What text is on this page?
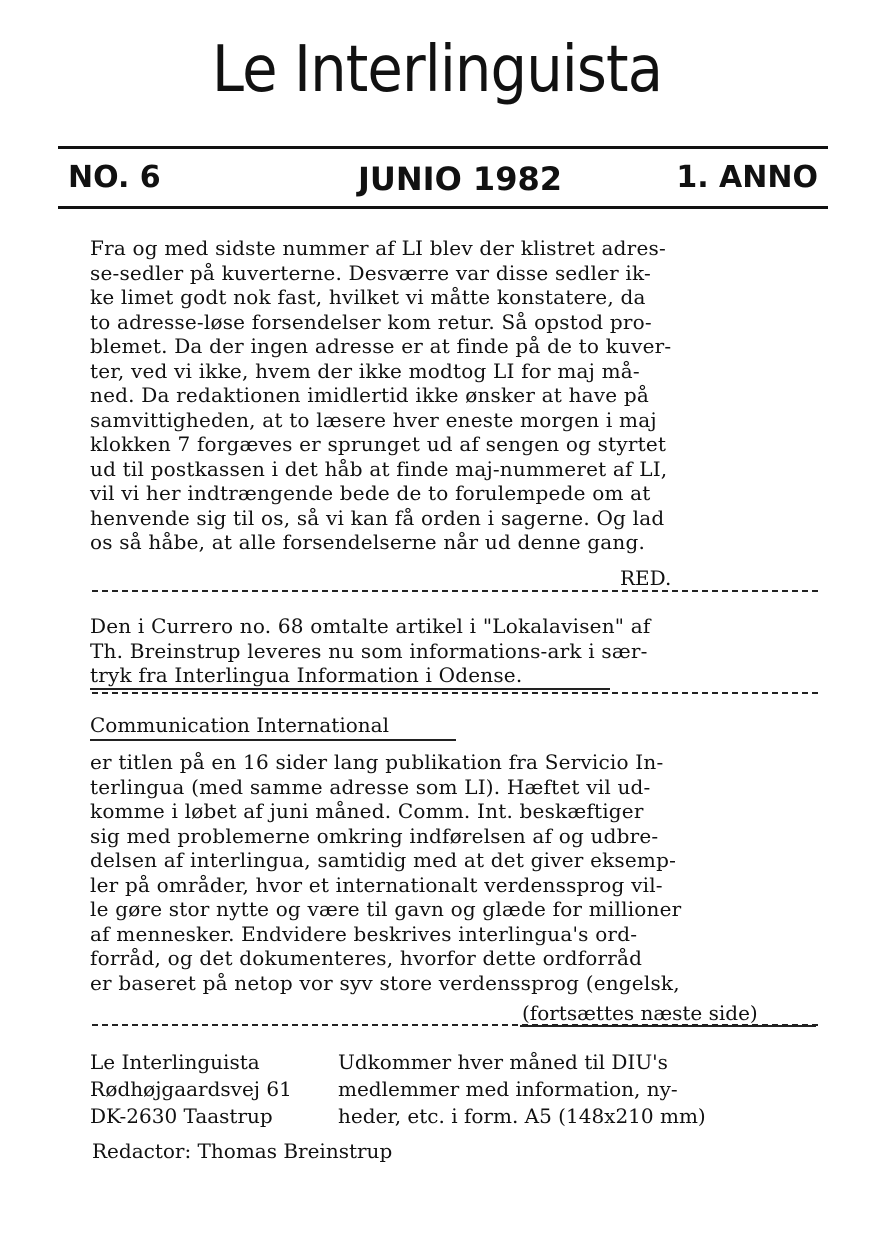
Le Interlinguista
NO. 6	JUNIO 1982	1. ANNO
Fra og med sidste nummer af LI blev der klistret adres-
se-sedler på kuverterne. Desværre var disse sedler ik-
ke limet godt nok fast, hvilket vi måtte konstatere, da
to adresse-løse forsendelser kom retur. Så opstod pro-
blemet. Da der ingen adresse er at finde på de to kuver-
ter, ved vi ikke, hvem der ikke modtog LI for maj må-
ned. Da redaktionen imidlertid ikke ønsker at have på
samvittigheden, at to læsere hver eneste morgen i maj
klokken 7 forgæves er sprunget ud af sengen og styrtet
ud til postkassen i det håb at finde maj-nummeret af LI,
vil vi her indtrængende bede de to forulempede om at
henvende sig til os, så vi kan få orden i sagerne. Og lad
os så håbe, at alle forsendelserne når ud denne gang.
RED.
Den i Currero no. 68 omtalte artikel i "Lokalavisen" af
Th. Breinstrup leveres nu som informations-ark i sær-
tryk fra Interlingua Information i Odense.
Communication International
er titlen på en 16 sider lang publikation fra Servicio In-
terlingua (med samme adresse som LI). Hæftet vil ud-
komme i løbet af juni måned. Comm. Int. beskæftiger
sig med problemerne omkring indførelsen af og udbre-
delsen af interlingua, samtidig med at det giver eksemp-
ler på områder, hvor et internationalt verdenssprog vil-
le gøre stor nytte og være til gavn og glæde for millioner
af mennesker. Endvidere beskrives interlingua's ord-
forråd, og det dokumenteres, hvorfor dette ordforråd
er baseret på netop vor syv store verdenssprog (engelsk,
(fortsættes næste side)
Le Interlinguista
Rødhøjgaardsvej 61
DK-2630 Taastrup
Udkommer hver måned til DIU's
medlemmer med information, ny-
heder, etc. i form. A5 (148x210 mm)
Redactor: Thomas Breinstrup
